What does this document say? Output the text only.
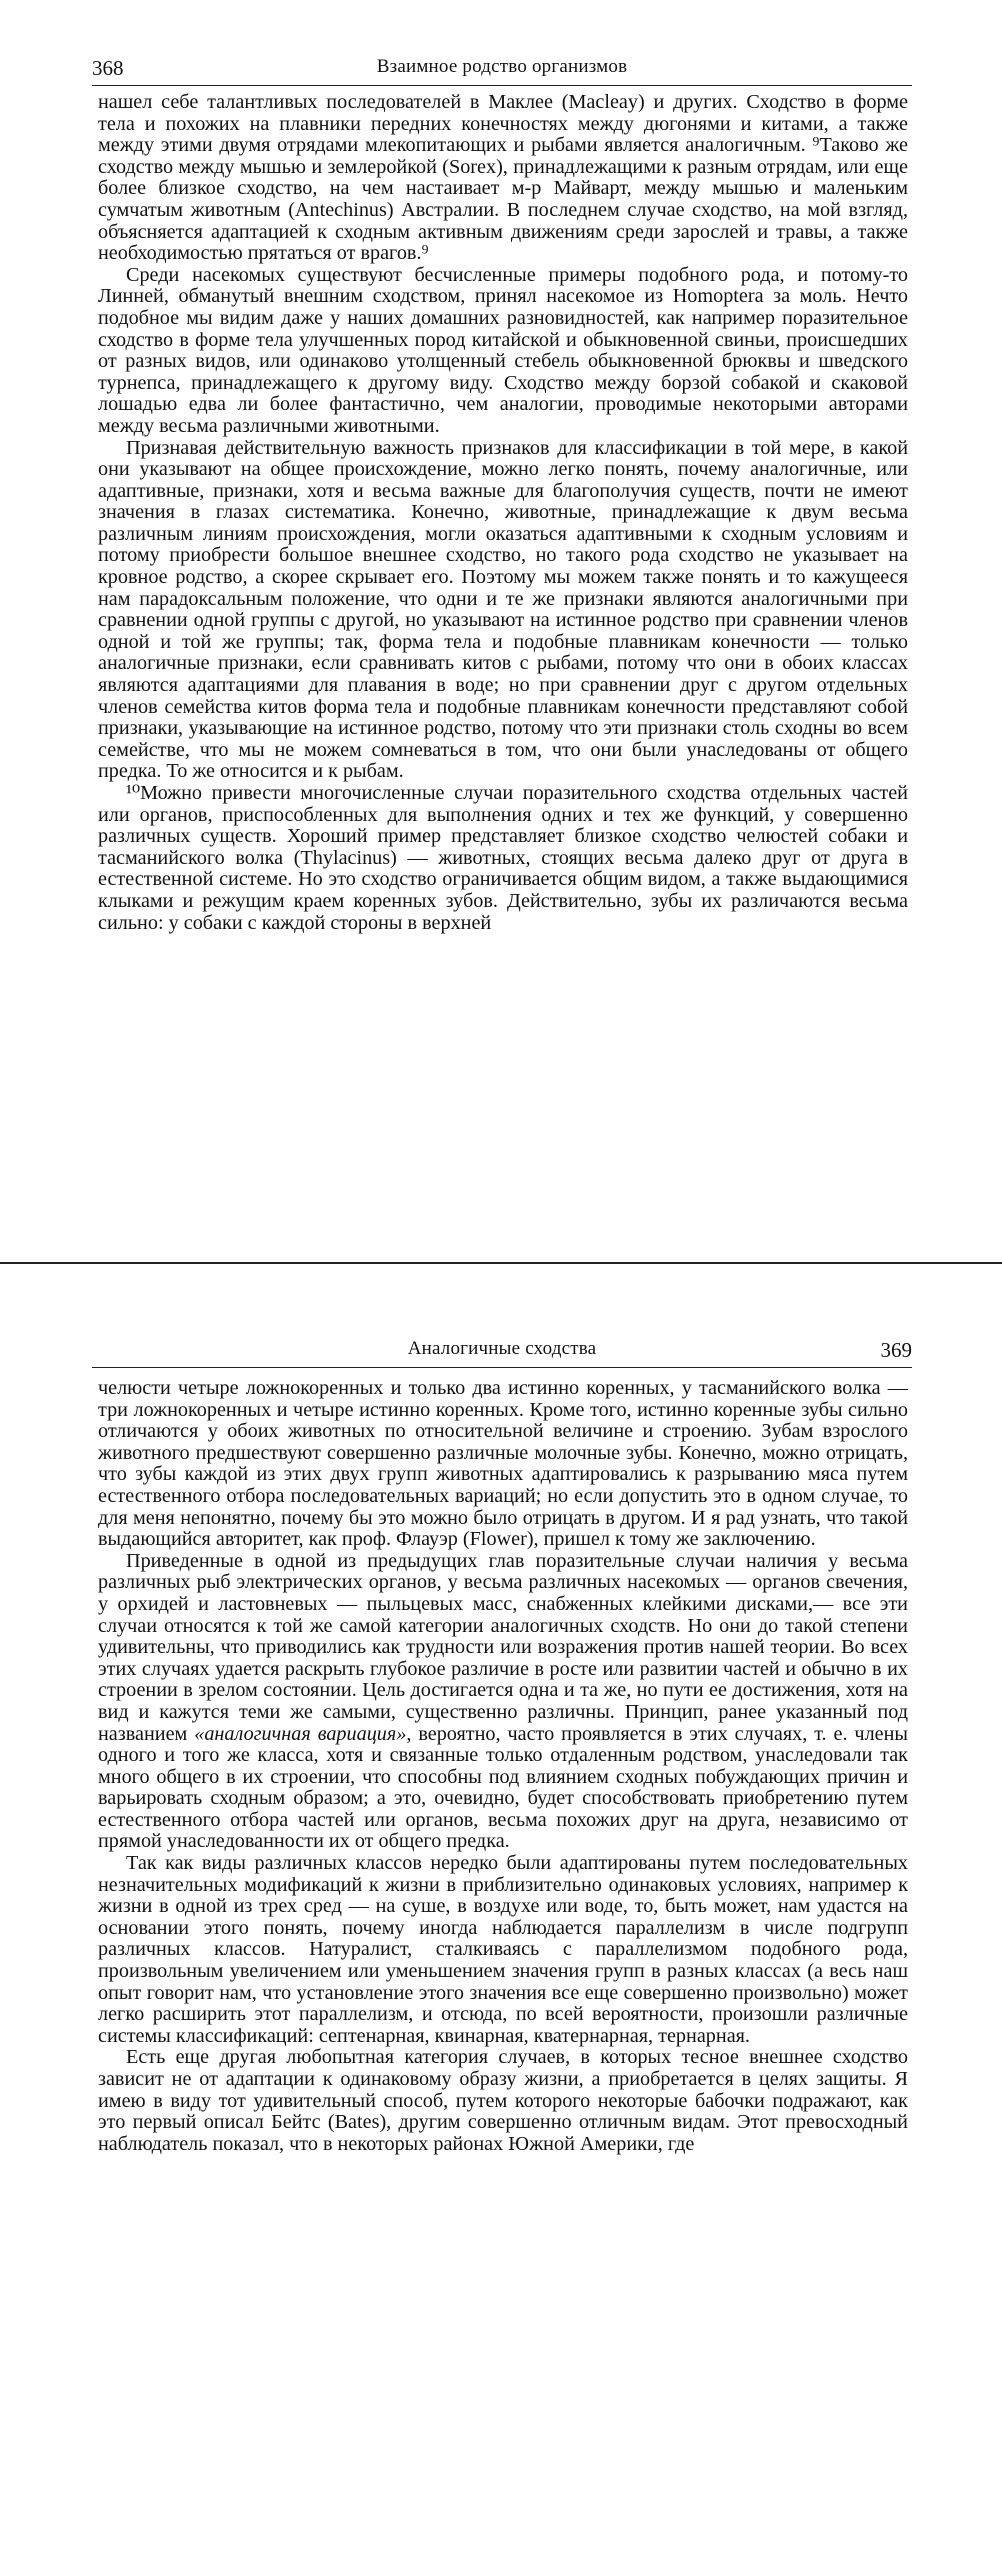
368	Взаимное родство организмов

нашел себе талантливых последователей в Маклее (Macleay) и других. Сходство в форме тела и похожих на плавники передних конечностях между дюгонями и китами, а также между этими двумя отрядами млекопитающих и рыбами является аналогичным. ⁹Таково же сходство между мышью и землеройкой (Sorex), принадлежащими к разным отрядам, или еще более близкое сходство, на чем настаивает м-р Майварт, между мышью и маленьким сумчатым животным (Antechinus) Австралии. В последнем случае сходство, на мой взгляд, объясняется адаптацией к сходным активным движениям среди зарослей и травы, а также необходимостью прятаться от врагов.⁹

Среди насекомых существуют бесчисленные примеры подобного рода, и потому-то Линней, обманутый внешним сходством, принял насекомое из Homoptera за моль. Нечто подобное мы видим даже у наших домашних разновидностей, как например поразительное сходство в форме тела улучшенных пород китайской и обыкновенной свиньи, происшедших от разных видов, или одинаково утолщенный стебель обыкновенной брюквы и шведского турнепса, принадлежащего к другому виду. Сходство между борзой собакой и скаковой лошадью едва ли более фантастично, чем аналогии, проводимые некоторыми авторами между весьма различными животными.

Признавая действительную важность признаков для классификации в той мере, в какой они указывают на общее происхождение, можно легко понять, почему аналогичные, или адаптивные, признаки, хотя и весьма важные для благополучия существ, почти не имеют значения в глазах систематика. Конечно, животные, принадлежащие к двум весьма различным линиям происхождения, могли оказаться адаптивными к сходным условиям и потому приобрести большое внешнее сходство, но такого рода сходство не указывает на кровное родство, а скорее скрывает его. Поэтому мы можем также понять и то кажущееся нам парадоксальным положение, что одни и те же признаки являются аналогичными при сравнении одной группы с другой, но указывают на истинное родство при сравнении членов одной и той же группы; так, форма тела и подобные плавникам конечности — только аналогичные признаки, если сравнивать китов с рыбами, потому что они в обоих классах являются адаптациями для плавания в воде; но при сравнении друг с другом отдельных членов семейства китов форма тела и подобные плавникам конечности представляют собой признаки, указывающие на истинное родство, потому что эти признаки столь сходны во всем семействе, что мы не можем сомневаться в том, что они были унаследованы от общего предка. То же относится и к рыбам.

¹⁰Можно привести многочисленные случаи поразительного сходства отдельных частей или органов, приспособленных для выполнения одних и тех же функций, у совершенно различных существ. Хороший пример представляет близкое сходство челюстей собаки и тасманийского волка (Thylacinus) — животных, стоящих весьма далеко друг от друга в естественной системе. Но это сходство ограничивается общим видом, а также выдающимися клыками и режущим краем коренных зубов. Действительно, зубы их различаются весьма сильно: у собаки с каждой стороны в верхней

Аналогичные сходства	369

челюсти четыре ложнокоренных и только два истинно коренных, у тасманийского волка — три ложнокоренных и четыре истинно коренных. Кроме того, истинно коренные зубы сильно отличаются у обоих животных по относительной величине и строению. Зубам взрослого животного предшествуют совершенно различные молочные зубы. Конечно, можно отрицать, что зубы каждой из этих двух групп животных адаптировались к разрыванию мяса путем естественного отбора последовательных вариаций; но если допустить это в одном случае, то для меня непонятно, почему бы это можно было отрицать в другом. И я рад узнать, что такой выдающийся авторитет, как проф. Флауэр (Flower), пришел к тому же заключению.

Приведенные в одной из предыдущих глав поразительные случаи наличия у весьма различных рыб электрических органов, у весьма различных насекомых — органов свечения, у орхидей и ластовневых — пыльцевых масс, снабженных клейкими дисками,— все эти случаи относятся к той же самой категории аналогичных сходств. Но они до такой степени удивительны, что приводились как трудности или возражения против нашей теории. Во всех этих случаях удается раскрыть глубокое различие в росте или развитии частей и обычно в их строении в зрелом состоянии. Цель достигается одна и та же, но пути ее достижения, хотя на вид и кажутся теми же самыми, существенно различны. Принцип, ранее указанный под названием «аналогичная вариация», вероятно, часто проявляется в этих случаях, т. е. члены одного и того же класса, хотя и связанные только отдаленным родством, унаследовали так много общего в их строении, что способны под влиянием сходных побуждающих причин и варьировать сходным образом; а это, очевидно, будет способствовать приобретению путем естественного отбора частей или органов, весьма похожих друг на друга, независимо от прямой унаследованности их от общего предка.

Так как виды различных классов нередко были адаптированы путем последовательных незначительных модификаций к жизни в приблизительно одинаковых условиях, например к жизни в одной из трех сред — на суше, в воздухе или воде, то, быть может, нам удастся на основании этого понять, почему иногда наблюдается параллелизм в числе подгрупп различных классов. Натуралист, сталкиваясь с параллелизмом подобного рода, произвольным увеличением или уменьшением значения групп в разных классах (а весь наш опыт говорит нам, что установление этого значения все еще совершенно произвольно) может легко расширить этот параллелизм, и отсюда, по всей вероятности, произошли различные системы классификаций: септенарная, квинарная, кватернарная, тернарная.

Есть еще другая любопытная категория случаев, в которых тесное внешнее сходство зависит не от адаптации к одинаковому образу жизни, а приобретается в целях защиты. Я имею в виду тот удивительный способ, путем которого некоторые бабочки подражают, как это первый описал Бейтс (Bates), другим совершенно отличным видам. Этот превосходный наблюдатель показал, что в некоторых районах Южной Америки, где
